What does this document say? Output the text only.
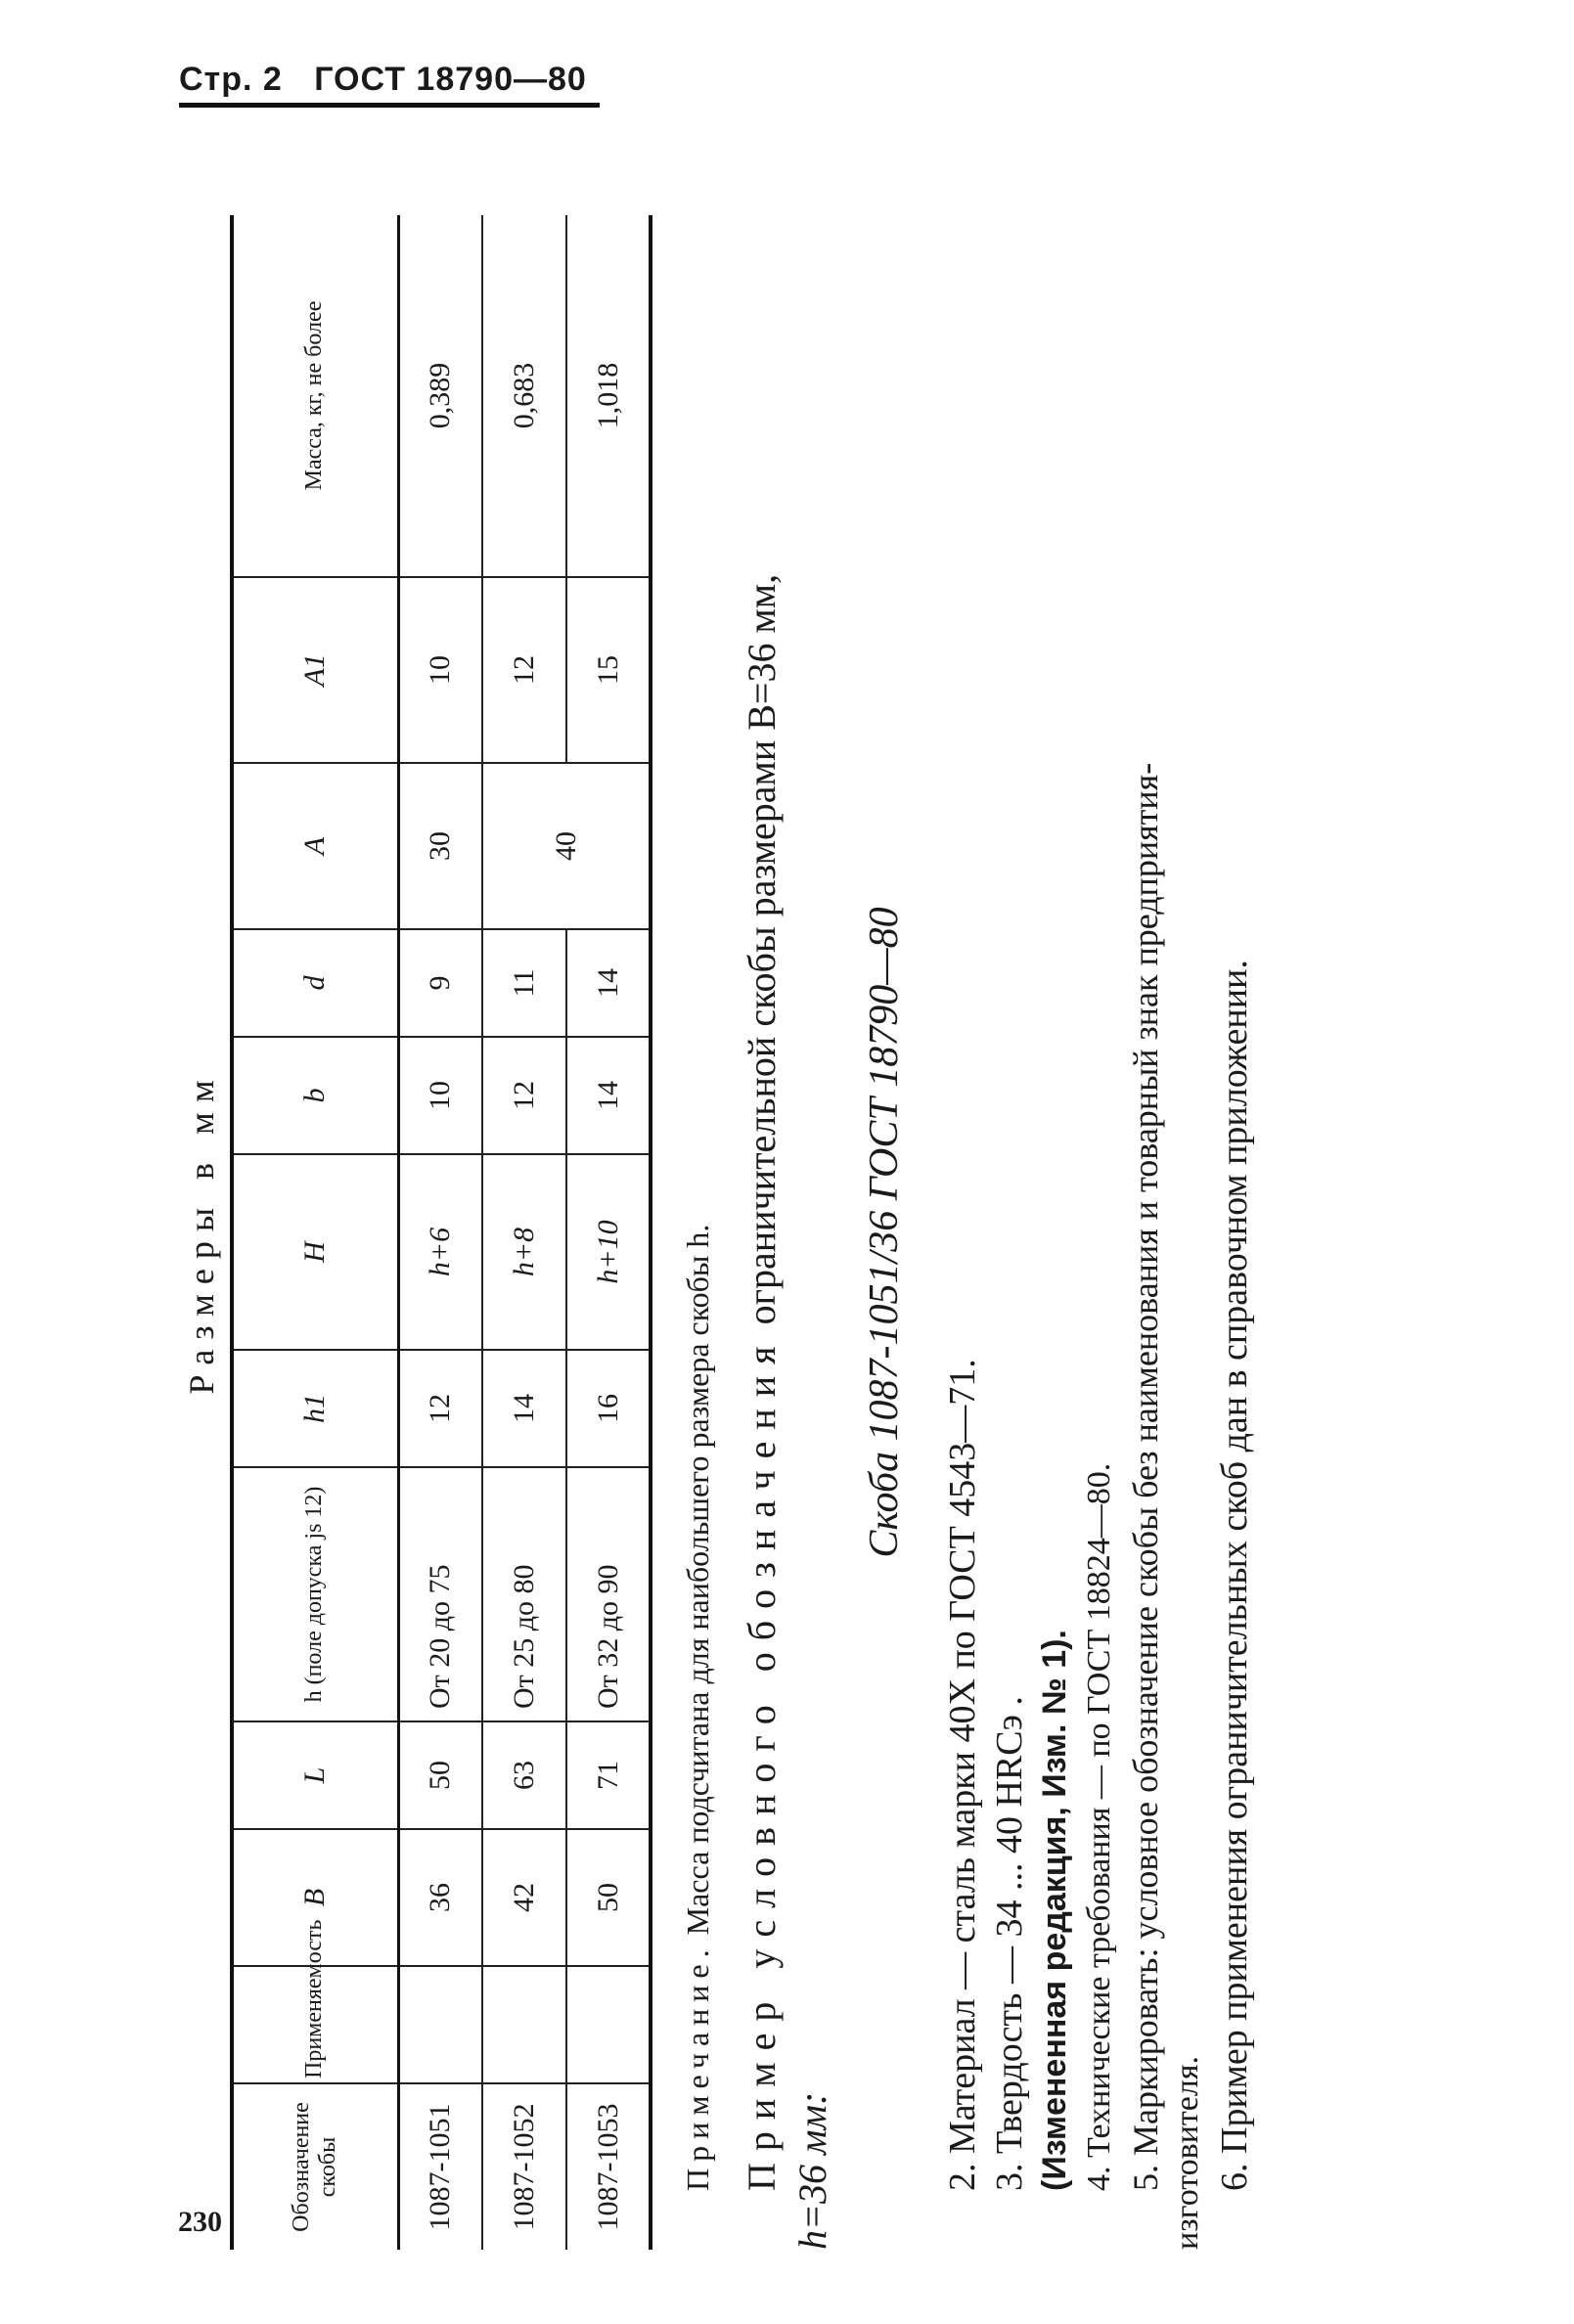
Стр. 2 ГОСТ 18790—80
230
Размеры в мм
Обозначение скобы	Применяемость	B	L	h (поле допуска js 12)	h1	H	b	d	A	A1	Масса, кг, не более
1087-1051		36	50	От 20 до 75	12	h+6	10	9	30	10	0,389
1087-1052		42	63	От 25 до 80	14	h+8	12	11	40	12	0,683
1087-1053		50	71	От 32 до 90	16	h+10	14	14		15	1,018
Примечание. Масса подсчитана для наибольшего размера скобы h. Пример условного обозначения ограничительной скобы размерами B=36 мм,
h=36 мм:
Скоба 1087-1051/36 ГОСТ 18790—80
2. Материал — сталь марки 40Х по ГОСТ 4543—71. 3. Твердость — 34 ... 40 HRCэ . (Измененная редакция, Изм. № 1). 4. Технические требования — по ГОСТ 18824—80. 5. Маркировать: условное обозначение скобы без наименования и товарный знак предприятия- изготовителя. 6. Пример применения ограничительных скоб дан в справочном приложении.
